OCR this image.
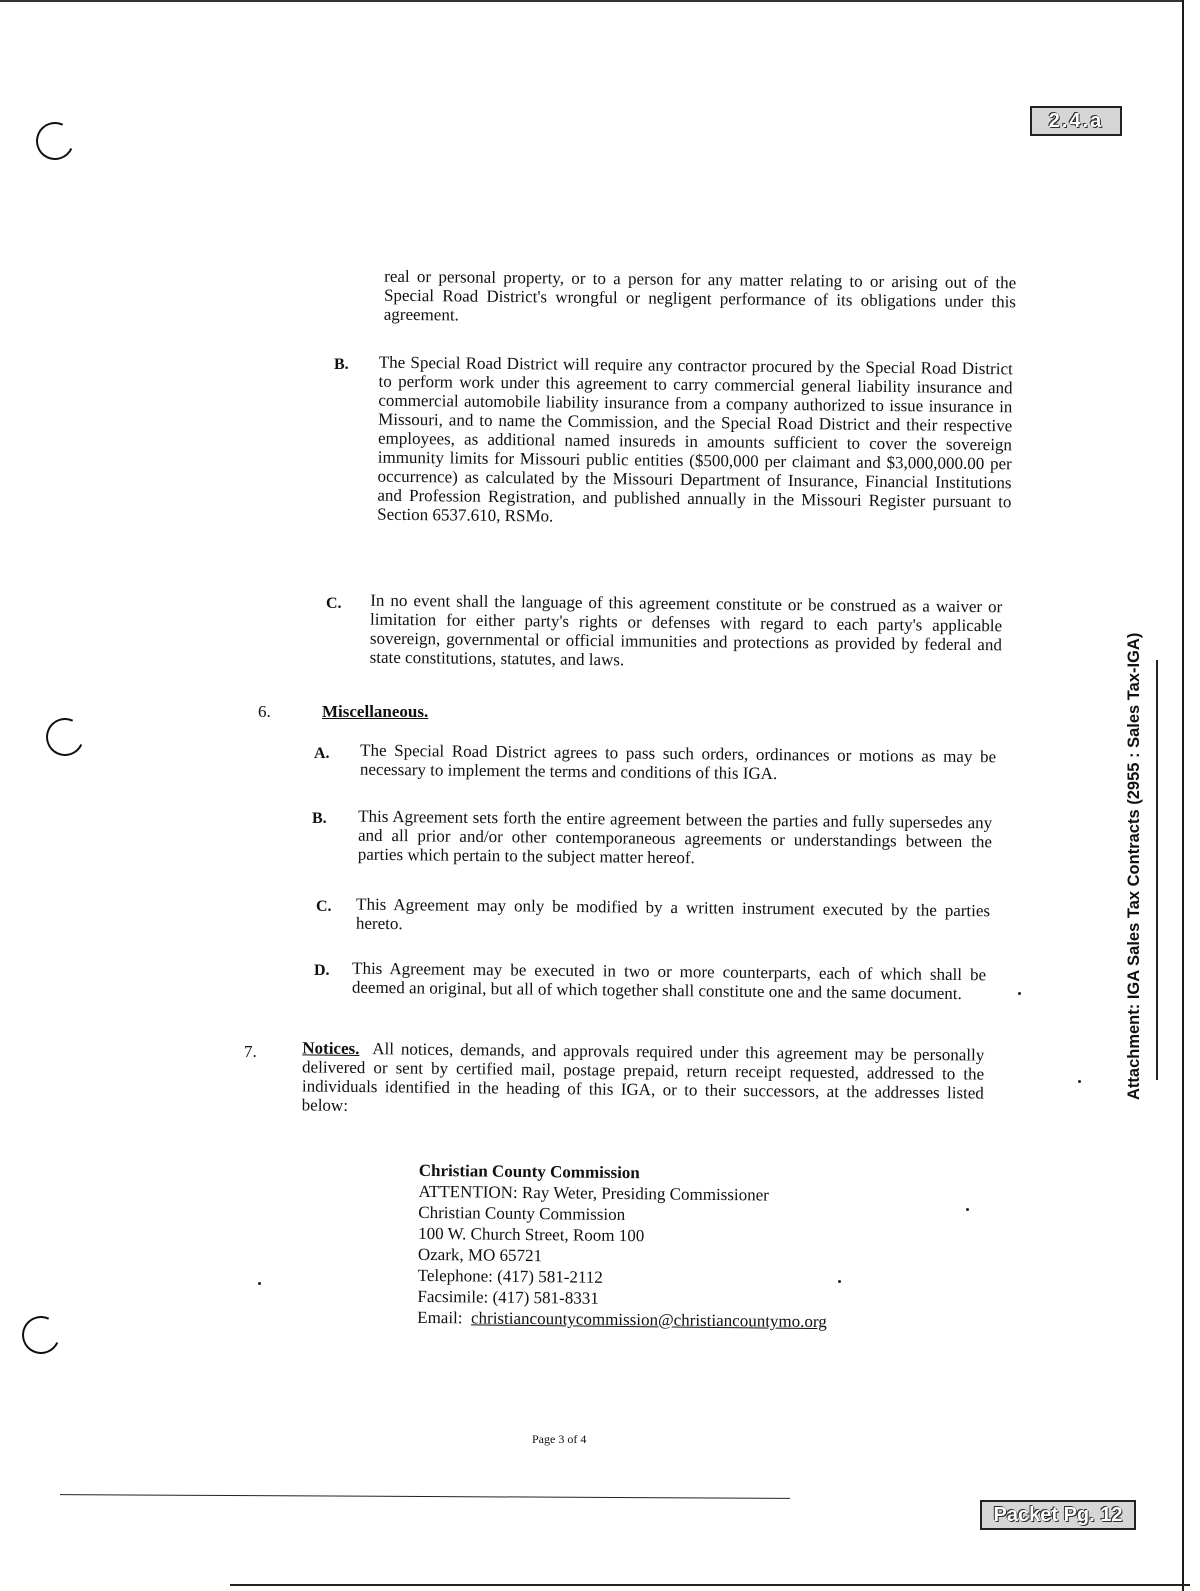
2.4.a
Attachment: IGA Sales Tax Contracts (2955 : Sales Tax-IGA)
real or personal property, or to a person for any matter relating to or arising out of the Special Road District's wrongful or negligent performance of its obligations under this agreement.
B. The Special Road District will require any contractor procured by the Special Road District to perform work under this agreement to carry commercial general liability insurance and commercial automobile liability insurance from a company authorized to issue insurance in Missouri, and to name the Commission, and the Special Road District and their respective employees, as additional named insureds in amounts sufficient to cover the sovereign immunity limits for Missouri public entities ($500,000 per claimant and $3,000,000.00 per occurrence) as calculated by the Missouri Department of Insurance, Financial Institutions and Profession Registration, and published annually in the Missouri Register pursuant to Section 6537.610, RSMo.
C. In no event shall the language of this agreement constitute or be construed as a waiver or limitation for either party's rights or defenses with regard to each party's applicable sovereign, governmental or official immunities and protections as provided by federal and state constitutions, statutes, and laws.
6.	Miscellaneous.
A. The Special Road District agrees to pass such orders, ordinances or motions as may be necessary to implement the terms and conditions of this IGA.
B. This Agreement sets forth the entire agreement between the parties and fully supersedes any and all prior and/or other contemporaneous agreements or understandings between the parties which pertain to the subject matter hereof.
C. This Agreement may only be modified by a written instrument executed by the parties hereto.
D. This Agreement may be executed in two or more counterparts, each of which shall be deemed an original, but all of which together shall constitute one and the same document.
7.	Notices. All notices, demands, and approvals required under this agreement may be personally delivered or sent by certified mail, postage prepaid, return receipt requested, addressed to the individuals identified in the heading of this IGA, or to their successors, at the addresses listed below:
Christian County Commission
ATTENTION: Ray Weter, Presiding Commissioner
Christian County Commission
100 W. Church Street, Room 100
Ozark, MO 65721
Telephone: (417) 581-2112
Facsimile: (417) 581-8331
Email: christiancountycommission@christiancountymo.org
Page 3 of 4
Packet Pg. 12
